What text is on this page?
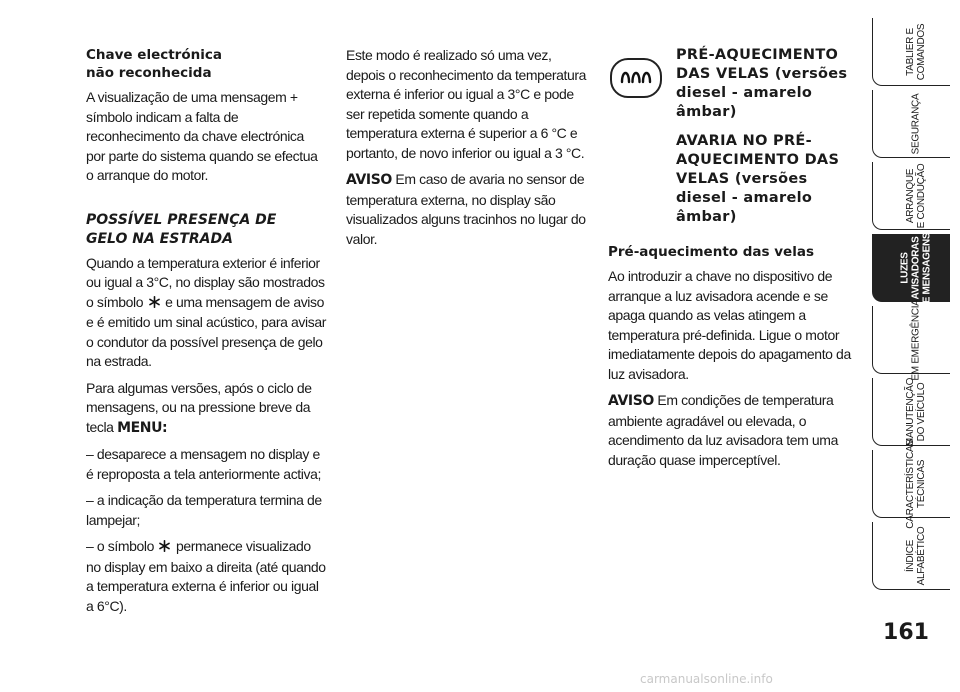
Chave electrónica
não reconhecida

A visualização de uma mensagem + símbolo indicam a falta de reconhecimento da chave electrónica por parte do sistema quando se efectua o arranque do motor.

POSSÍVEL PRESENÇA DE
GELO NA ESTRADA

Quando a temperatura exterior é inferior ou igual a 3°C, no display são mostrados o símbolo e uma mensagem de aviso e é emitido um sinal acústico, para avisar o condutor da possível presença de gelo na estrada.

Para algumas versões, após o ciclo de mensagens, ou na pressione breve da tecla MENU:

– desaparece a mensagem no display e é reproposta a tela anteriormente activa;

– a indicação da temperatura termina de lampejar;

– o símbolo permanece visualizado no display em baixo a direita (até quando a temperatura externa é inferior ou igual a 6°C).

Este modo é realizado só uma vez, depois o reconhecimento da temperatura externa é inferior ou igual a 3°C e pode ser repetida somente quando a temperatura externa é superior a 6 °C e portanto, de novo inferior ou igual a 3 °C.

AVISO Em caso de avaria no sensor de temperatura externa, no display são visualizados alguns tracinhos no lugar do valor.

PRÉ-AQUECIMENTO DAS VELAS (versões diesel - amarelo âmbar)

AVARIA NO PRÉ-AQUECIMENTO DAS VELAS (versões diesel - amarelo âmbar)

Pré-aquecimento das velas

Ao introduzir a chave no dispositivo de arranque a luz avisadora acende e se apaga quando as velas atingem a temperatura pré-definida. Ligue o motor imediatamente depois do apagamento da luz avisadora.

AVISO Em condições de temperatura ambiente agradável ou elevada, o acendimento da luz avisadora tem uma duração quase imperceptível.

TABLIER E
COMANDOS
SEGURANÇA
ARRANQUE
E CONDUÇÃO
LUZES
AVISADORAS
E MENSAGENS
EM EMERGÊNCIA
MANUTENÇÃO
DO VEÍCULO
CARACTERÍSTICAS
TÉCNICAS
ÍNDICE
ALFABÉTICO
161
carmanualsonline.info
